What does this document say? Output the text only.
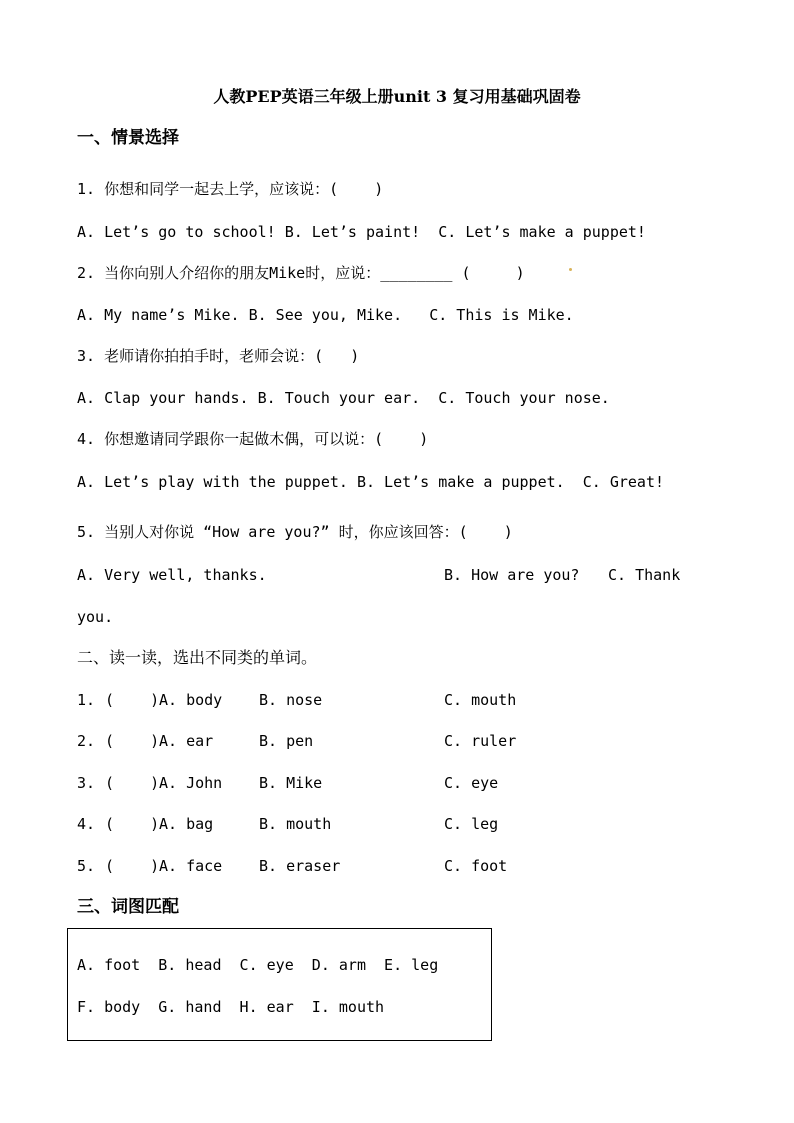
人教PEP英语三年级上册unit 3 复习用基础巩固卷
一、情景选择
1. 你想和同学一起去上学，应该说：(    )
A. Let’s go to school! B. Let’s paint!  C. Let’s make a puppet!
2. 当你向别人介绍你的朋友Mike时，应说：________ (     )
A. My name’s Mike. B. See you, Mike.   C. This is Mike.
3. 老师请你拍拍手时，老师会说：(   )
A. Clap your hands. B. Touch your ear.  C. Touch your nose.
4. 你想邀请同学跟你一起做木偶，可以说：(    )
A. Let’s play with the puppet. B. Let’s make a puppet.  C. Great!
5. 当别人对你说 “How are you?” 时，你应该回答：(    )
A. Very well, thanks.	B. How are you? C. Thank
you.
二、读一读，选出不同类的单词。
1. (    ) A. body B. nose	C. mouth
2. (    ) A. ear	B. pen	C. ruler
3. (    ) A. John B. Mike	C. eye
4. (    ) A. bag	B. mouth	C. leg
5. (    ) A. face B. eraser	C. foot
三、词图匹配
A. foot  B. head  C. eye  D. arm  E. leg
F. body  G. hand  H. ear  I. mouth
